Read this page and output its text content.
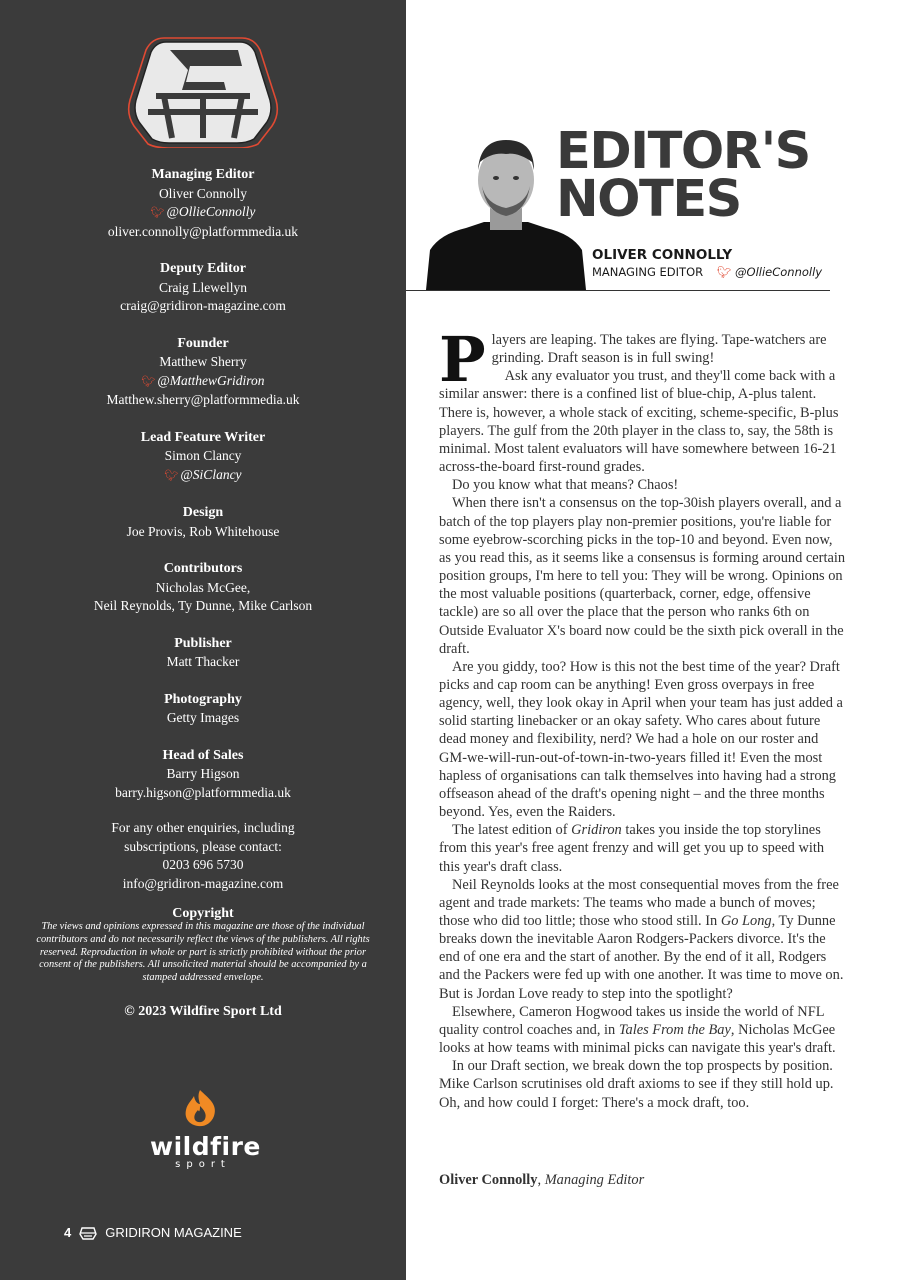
Managing Editor
Oliver Connolly
🐦︎ @OllieConnolly
oliver.connolly@platformmedia.uk
Deputy Editor
Craig Llewellyn
craig@gridiron-magazine.com
Founder
Matthew Sherry
🐦︎ @MatthewGridiron
Matthew.sherry@platformmedia.uk
Lead Feature Writer
Simon Clancy
🐦︎ @SiClancy
Design
Joe Provis, Rob Whitehouse
Contributors
Nicholas McGee,
Neil Reynolds, Ty Dunne, Mike Carlson
Publisher
Matt Thacker
Photography
Getty Images
Head of Sales
Barry Higson
barry.higson@platformmedia.uk
For any other enquiries, including
subscriptions, please contact:
0203 696 5730
info@gridiron-magazine.com
Copyright
The views and opinions expressed in this magazine are those of the individual contributors and do not necessarily reflect the views of the publishers. All rights reserved. Reproduction in whole or part is strictly prohibited without the prior consent of the publishers. All unsolicited material should be accompanied by a stamped addressed envelope.
© 2023 Wildfire Sport Ltd
wildfire
sport
4	GRIDIRON MAGAZINE
EDITOR'S
NOTES
OLIVER CONNOLLY
MANAGING EDITOR 🐦︎ @OllieConnolly

Players are leaping. The takes are flying. Tape-watchers are grinding. Draft season is in full swing!

Ask any evaluator you trust, and they'll come back with a similar answer: there is a confined list of blue-chip, A-plus talent. There is, however, a whole stack of exciting, scheme-specific, B-plus players. The gulf from the 20th player in the class to, say, the 58th is minimal. Most talent evaluators will have somewhere between 16-21 across-the-board first-round grades.

Do you know what that means? Chaos!

When there isn't a consensus on the top-30ish players overall, and a batch of the top players play non-premier positions, you're liable for some eyebrow-scorching picks in the top-10 and beyond. Even now, as you read this, as it seems like a consensus is forming around certain position groups, I'm here to tell you: They will be wrong. Opinions on the most valuable positions (quarterback, corner, edge, offensive tackle) are so all over the place that the person who ranks 6th on Outside Evaluator X's board now could be the sixth pick overall in the draft.

Are you giddy, too? How is this not the best time of the year? Draft picks and cap room can be anything! Even gross overpays in free agency, well, they look okay in April when your team has just added a solid starting linebacker or an okay safety. Who cares about future dead money and flexibility, nerd? We had a hole on our roster and GM-we-will-run-out-of-town-in-two-years filled it! Even the most hapless of organisations can talk themselves into having had a strong offseason ahead of the draft's opening night – and the three months beyond. Yes, even the Raiders.

The latest edition of Gridiron takes you inside the top storylines from this year's free agent frenzy and will get you up to speed with this year's draft class.

Neil Reynolds looks at the most consequential moves from the free agent and trade markets: The teams who made a bunch of moves; those who did too little; those who stood still. In Go Long, Ty Dunne breaks down the inevitable Aaron Rodgers-Packers divorce. It's the end of one era and the start of another. By the end of it all, Rodgers and the Packers were fed up with one another. It was time to move on. But is Jordan Love ready to step into the spotlight?

Elsewhere, Cameron Hogwood takes us inside the world of NFL quality control coaches and, in Tales From the Bay, Nicholas McGee looks at how teams with minimal picks can navigate this year's draft.

In our Draft section, we break down the top prospects by position. Mike Carlson scrutinises old draft axioms to see if they still hold up. Oh, and how could I forget: There's a mock draft, too.

Oliver Connolly, Managing Editor
